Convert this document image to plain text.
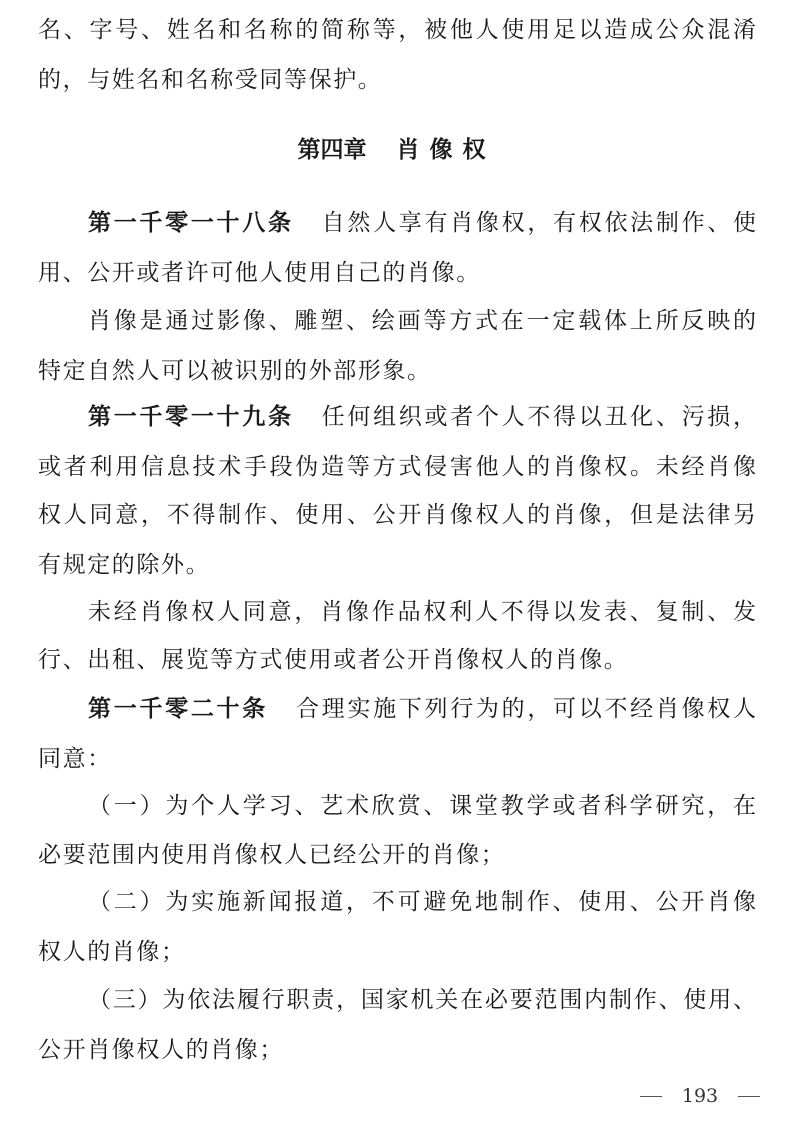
名、字号、姓名和名称的简称等，被他人使用足以造成公众混淆
的，与姓名和名称受同等保护。
第四章 肖像权
第一千零一十八条 自然人享有肖像权，有权依法制作、使
用、公开或者许可他人使用自己的肖像。
肖像是通过影像、雕塑、绘画等方式在一定载体上所反映的
特定自然人可以被识别的外部形象。
第一千零一十九条 任何组织或者个人不得以丑化、污损，
或者利用信息技术手段伪造等方式侵害他人的肖像权。未经肖像
权人同意，不得制作、使用、公开肖像权人的肖像，但是法律另
有规定的除外。
未经肖像权人同意，肖像作品权利人不得以发表、复制、发
行、出租、展览等方式使用或者公开肖像权人的肖像。
第一千零二十条 合理实施下列行为的，可以不经肖像权人
同意：
（一）为个人学习、艺术欣赏、课堂教学或者科学研究，在
必要范围内使用肖像权人已经公开的肖像；
（二）为实施新闻报道，不可避免地制作、使用、公开肖像
权人的肖像；
（三）为依法履行职责，国家机关在必要范围内制作、使用、
公开肖像权人的肖像；
193
